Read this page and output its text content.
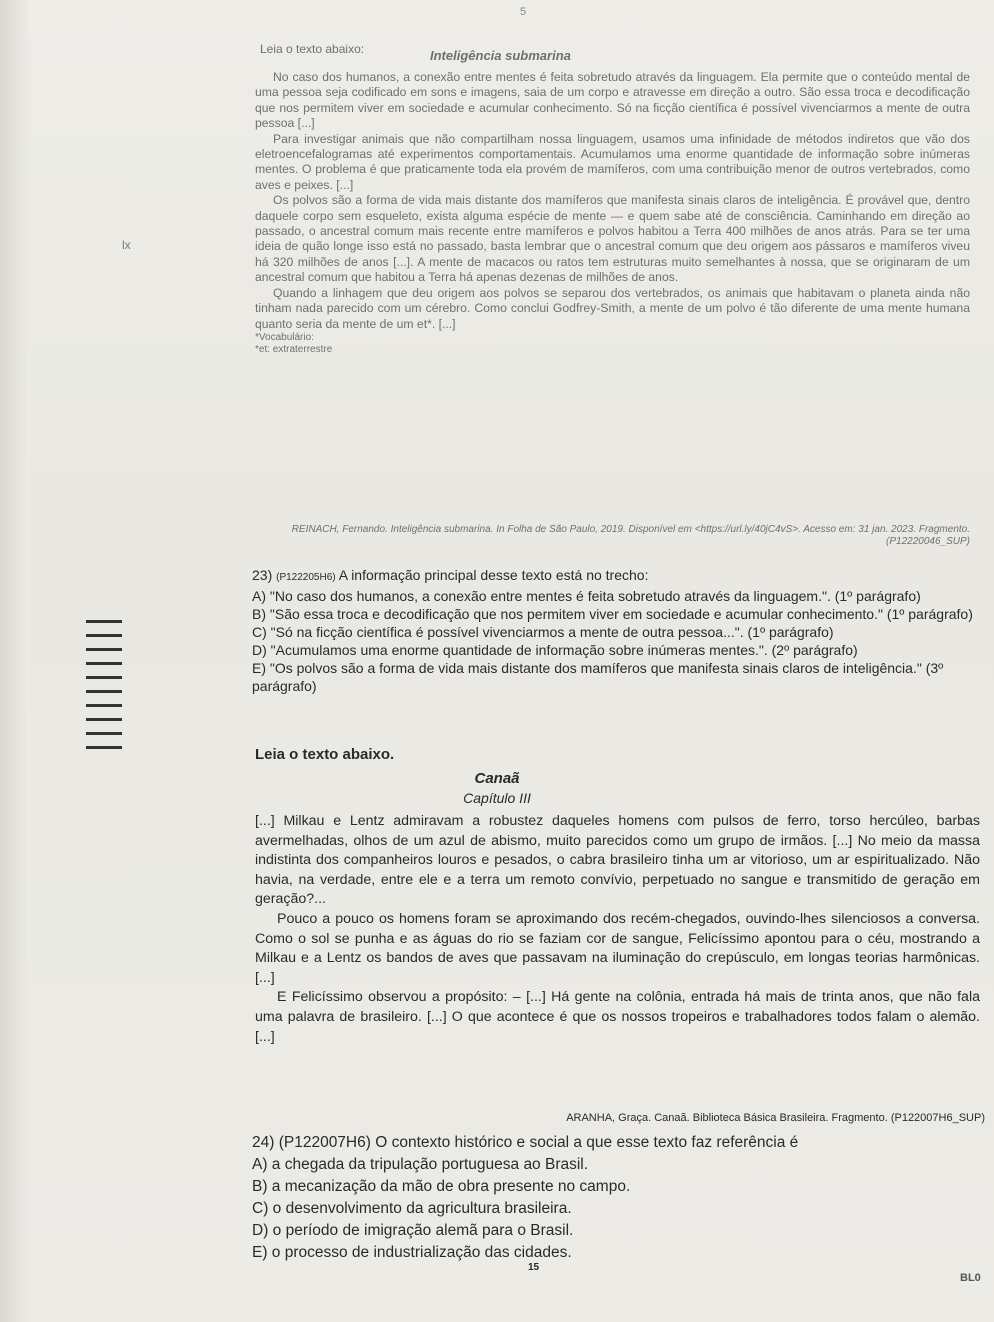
5
lx
Leia o texto abaixo:	Inteligência submarina

No caso dos humanos, a conexão entre mentes é feita sobretudo através da linguagem. Ela permite que o conteúdo mental de uma pessoa seja codificado em sons e imagens, saia de um corpo e atravesse em direção a outro. São essa troca e decodificação que nos permitem viver em sociedade e acumular conhecimento. Só na ficção científica é possível vivenciarmos a mente de outra pessoa [...]

Para investigar animais que não compartilham nossa linguagem, usamos uma infinidade de métodos indiretos que vão dos eletroencefalogramas até experimentos comportamentais. Acumulamos uma enorme quantidade de informação sobre inúmeras mentes. O problema é que praticamente toda ela provém de mamíferos, com uma contribuição menor de outros vertebrados, como aves e peixes. [...]

Os polvos são a forma de vida mais distante dos mamíferos que manifesta sinais claros de inteligência. É provável que, dentro daquele corpo sem esqueleto, exista alguma espécie de mente — e quem sabe até de consciência. Caminhando em direção ao passado, o ancestral comum mais recente entre mamíferos e polvos habitou a Terra 400 milhões de anos atrás. Para se ter uma ideia de quão longe isso está no passado, basta lembrar que o ancestral comum que deu origem aos pássaros e mamíferos viveu há 320 milhões de anos [...]. A mente de macacos ou ratos tem estruturas muito semelhantes à nossa, que se originaram de um ancestral comum que habitou a Terra há apenas dezenas de milhões de anos.

Quando a linhagem que deu origem aos polvos se separou dos vertebrados, os animais que habitavam o planeta ainda não tinham nada parecido com um cérebro. Como conclui Godfrey-Smith, a mente de um polvo é tão diferente de uma mente humana quanto seria da mente de um et*. [...]

*Vocabulário:

*et: extraterrestre

REINACH, Fernando. Inteligência submarina. In Folha de São Paulo, 2019. Disponível em <https://url.ly/40jC4vS>. Acesso em: 31 jan. 2023. Fragmento. (P12220046_SUP)
23) (P122205H6) A informação principal desse texto está no trecho:

A) "No caso dos humanos, a conexão entre mentes é feita sobretudo através da linguagem.". (1º parágrafo)

B) "São essa troca e decodificação que nos permitem viver em sociedade e acumular conhecimento." (1º parágrafo)

C) "Só na ficção científica é possível vivenciarmos a mente de outra pessoa...". (1º parágrafo)

D) "Acumulamos uma enorme quantidade de informação sobre inúmeras mentes.". (2º parágrafo)

E) "Os polvos são a forma de vida mais distante dos mamíferos que manifesta sinais claros de inteligência." (3º parágrafo)

Leia o texto abaixo.
Canaã
Capítulo III

[...] Milkau e Lentz admiravam a robustez daqueles homens com pulsos de ferro, torso hercúleo, barbas avermelhadas, olhos de um azul de abismo, muito parecidos como um grupo de irmãos. [...] No meio da massa indistinta dos companheiros louros e pesados, o cabra brasileiro tinha um ar vitorioso, um ar espiritualizado. Não havia, na verdade, entre ele e a terra um remoto convívio, perpetuado no sangue e transmitido de geração em geração?...

Pouco a pouco os homens foram se aproximando dos recém-chegados, ouvindo-lhes silenciosos a conversa. Como o sol se punha e as águas do rio se faziam cor de sangue, Felicíssimo apontou para o céu, mostrando a Milkau e a Lentz os bandos de aves que passavam na iluminação do crepúsculo, em longas teorias harmônicas. [...]

E Felicíssimo observou a propósito: – [...] Há gente na colônia, entrada há mais de trinta anos, que não fala uma palavra de brasileiro. [...] O que acontece é que os nossos tropeiros e trabalhadores todos falam o alemão. [...]

ARANHA, Graça. Canaã. Biblioteca Básica Brasileira. Fragmento. (P122007H6_SUP)
24) (P122007H6) O contexto histórico e social a que esse texto faz referência é

A) a chegada da tripulação portuguesa ao Brasil.

B) a mecanização da mão de obra presente no campo.

C) o desenvolvimento da agricultura brasileira.

D) o período de imigração alemã para o Brasil.

E) o processo de industrialização das cidades.

15
BL0
